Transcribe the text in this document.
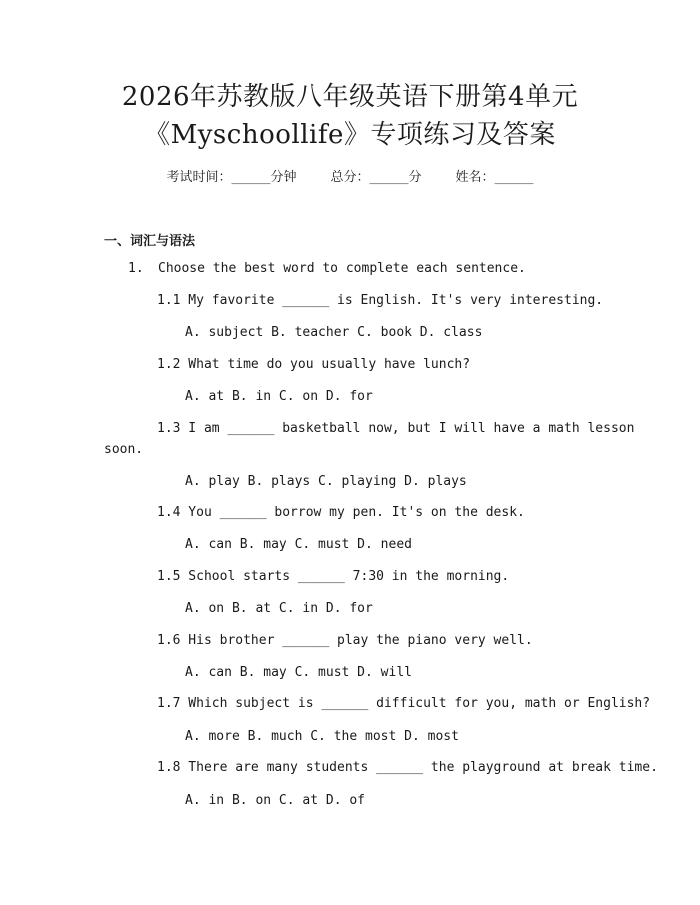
2026年苏教版八年级英语下册第4单元
《Myschoollife》专项练习及答案
考试时间：______分钟	总分：______分	姓名：______
一、词汇与语法
1. Choose the best word to complete each sentence.
1.1 My favorite ______ is English. It's very interesting.
A. subject B. teacher C. book D. class
1.2 What time do you usually have lunch?
A. at B. in C. on D. for
1.3 I am ______ basketball now, but I will have a math lesson
soon.
A. play B. plays C. playing D. plays
1.4 You ______ borrow my pen. It's on the desk.
A. can B. may C. must D. need
1.5 School starts ______ 7:30 in the morning.
A. on B. at C. in D. for
1.6 His brother ______ play the piano very well.
A. can B. may C. must D. will
1.7 Which subject is ______ difficult for you, math or English?
A. more B. much C. the most D. most
1.8 There are many students ______ the playground at break time.
A. in B. on C. at D. of
